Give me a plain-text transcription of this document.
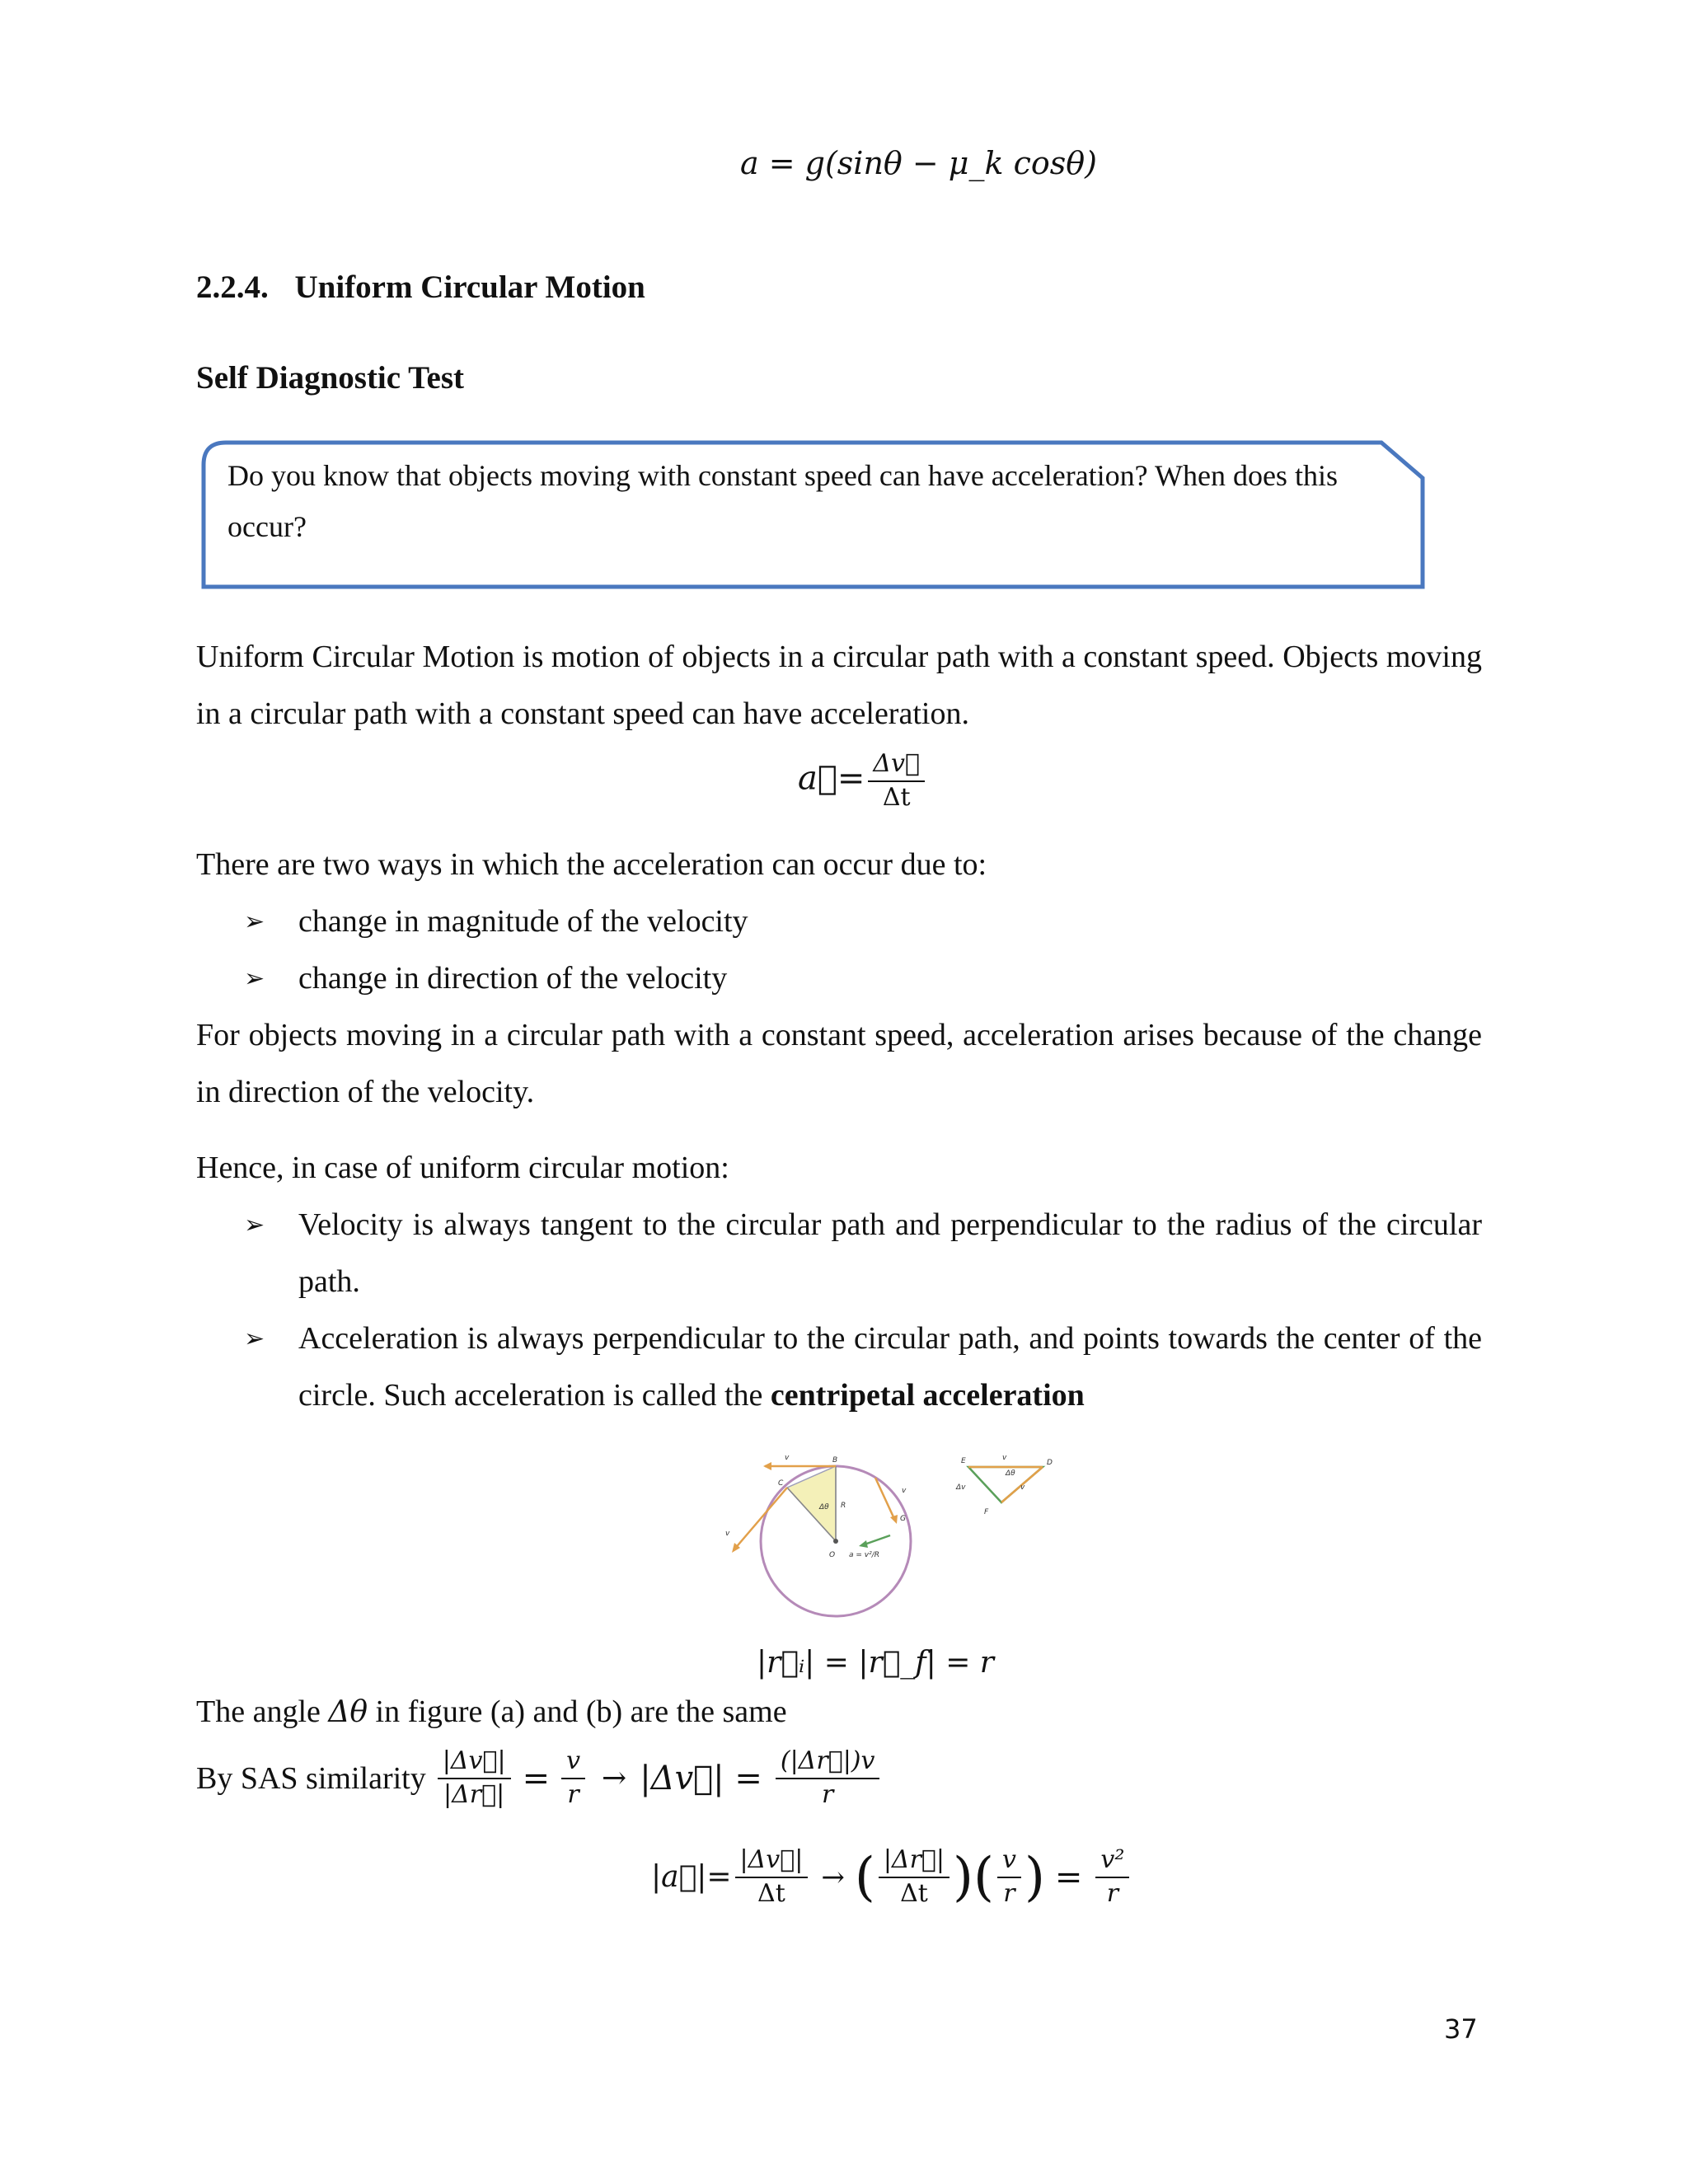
a = g(sinθ − μ_k cosθ)
2.2.4. Uniform Circular Motion
Self Diagnostic Test
Do you know that objects moving with constant speed can have acceleration? When does this occur?
Uniform Circular Motion is motion of objects in a circular path with a constant speed. Objects moving in a circular path with a constant speed can have acceleration.
a⃗= $\frac{\Delta v⃗}{\Delta t}$
There are two ways in which the acceleration can occur due to:
➢	change in magnitude of the velocity
➢	change in direction of the velocity
For objects moving in a circular path with a constant speed, acceleration arises because of the change in direction of the velocity.
Hence, in case of uniform circular motion:
➢	Velocity is always tangent to the circular path and perpendicular to the radius of the circular path.
➢	Acceleration is always perpendicular to the circular path, and points towards the center of the circle. Such acceleration is called the centripetal acceleration
v	B
C
v
v
Δθ R
G
O a = v²/R
E	v
D
Δθ
Δv	v
F
|r⃗ᵢ| = |r⃗_f| = r
The angle Δθ in figure (a) and (b) are the same
By SAS similarity $\frac{|\Delta v⃗|}{|\Delta r⃗|} = \frac{v}{r}$ → |Δv⃗| = $\frac{(|\Delta r⃗|)v}{r}$
|a⃗|= $\frac{|\Delta v⃗|}{\Delta t}$ → ( $\frac{|\Delta r⃗|}{\Delta t}$ ) ( $\frac{v}{r}$ ) = $\frac{\text{v²}}{r}$
37
